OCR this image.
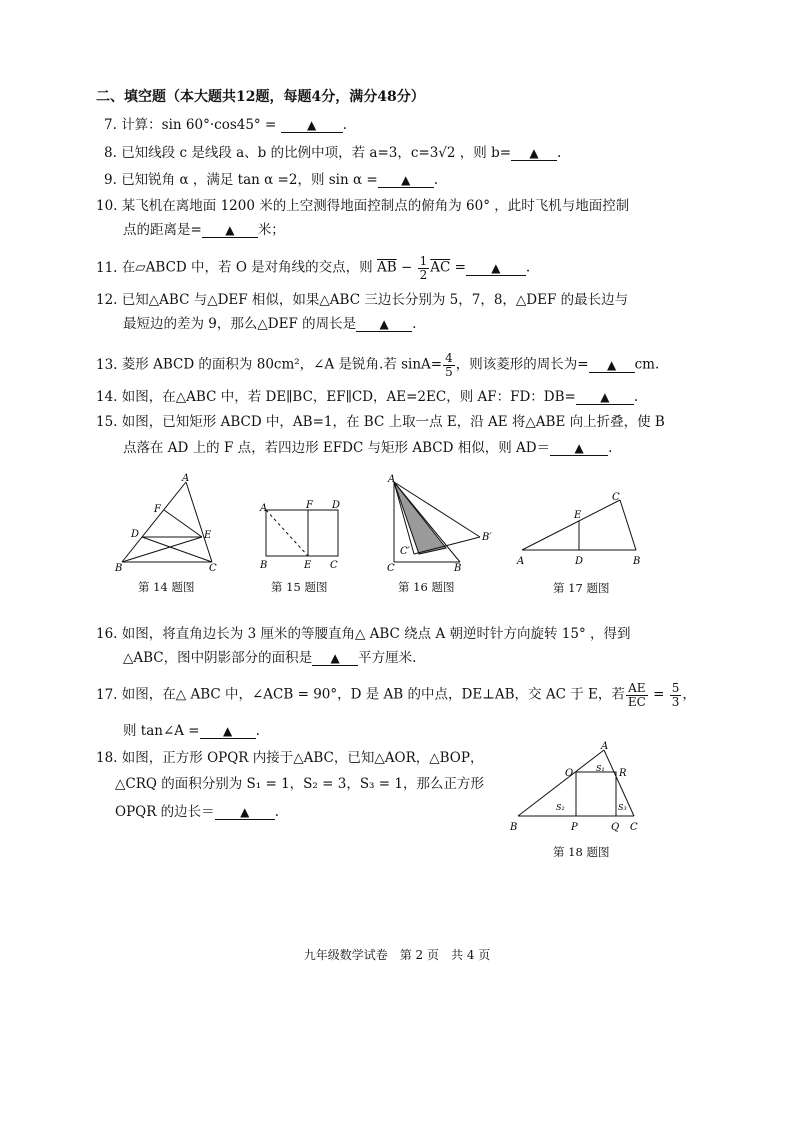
二、填空题（本大题共12题，每题4分，满分48分）
7. 计算：sin 60°·cos45° = ▲ .
8. 已知线段 c 是线段 a、b 的比例中项，若 a=3，c=3√2 ，则 b= ▲ .
9. 已知锐角 α ，满足 tan α =2，则 sin α = ▲ .
10. 某飞机在离地面 1200 米的上空测得地面控制点的俯角为 60° ，此时飞机与地面控制
点的距离是= ▲ 米；
11. 在▱ABCD 中，若 O 是对角线的交点，则 $\overline{AB} - \frac{1}{2} \overline{AC}$ = ▲ .
12. 已知△ABC 与△DEF 相似，如果△ABC 三边长分别为 5，7，8，△DEF 的最长边与
最短边的差为 9，那么△DEF 的周长是 ▲ .
13. 菱形 ABCD 的面积为 80cm²，∠A 是锐角.若 $\sin A= \frac{4}{5}$ ，则该菱形的周长为= ▲ cm.
14. 如图，在△ABC 中，若 DE∥BC，EF∥CD，AE=2EC，则 AF：FD：DB= ▲ .
15. 如图，已知矩形 ABCD 中，AB=1，在 BC 上取一点 E，沿 AE 将△ABE 向上折叠，使 B
点落在 AD 上的 F 点，若四边形 EFDC 与矩形 ABCD 相似，则 AD＝ ▲ .
A
F
D	E
B	C
第 14 题图
A	F D
B	E C
第 15 题图
A
B′
C′
C	B
第 16 题图
C
E
A	D	B
第 17 题图
16. 如图，将直角边长为 3 厘米的等腰直角△ ABC 绕点 A 朝逆时针方向旋转 15° ，得到
△ABC，图中阴影部分的面积是 ▲ 平方厘米.
17. 如图，在△ ABC 中，∠ACB = 90°，D 是 AB 的中点，DE⊥AB，交 AC 于 E，若 $\frac{AE}{EC} = \frac{5}{3}$ ，
则 tan∠A = ▲ .
18. 如图，正方形 OPQR 内接于△ABC，已知△AOR，△BOP，
△CRQ 的面积分别为 S₁ = 1，S₂ = 3，S₃ = 1，那么正方形
OPQR 的边长＝ ▲ .
A
O	R
S₁
S₂	S₃
B	P	Q C
第 18 题图
九年级数学试卷　第 2 页　共 4 页
